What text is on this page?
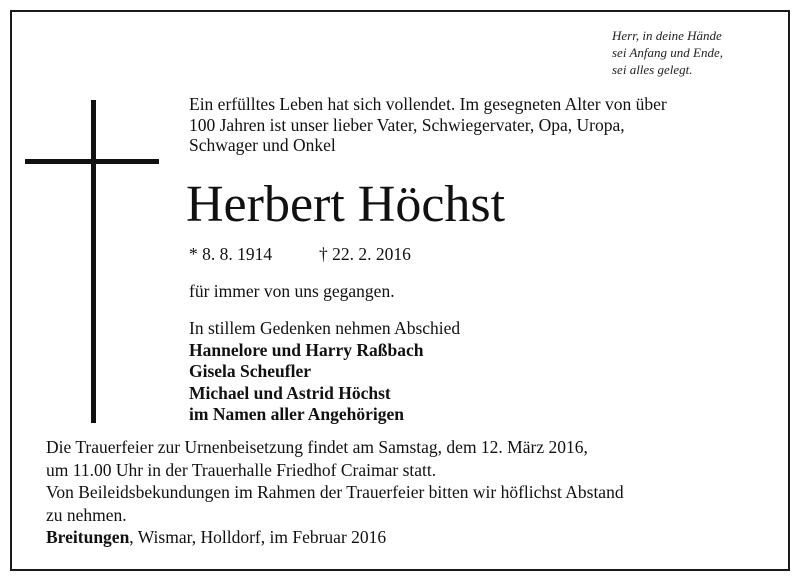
Herr, in deine Hände
sei Anfang und Ende,
sei alles gelegt.
Ein erfülltes Leben hat sich vollendet. Im gesegneten Alter von über
100 Jahren ist unser lieber Vater, Schwiegervater, Opa, Uropa,
Schwager und Onkel
Herbert Höchst
* 8. 8. 1914	† 22. 2. 2016
für immer von uns gegangen.
In stillem Gedenken nehmen Abschied
Hannelore und Harry Raßbach
Gisela Scheufler
Michael und Astrid Höchst
im Namen aller Angehörigen
Die Trauerfeier zur Urnenbeisetzung findet am Samstag, dem 12. März 2016,
um 11.00 Uhr in der Trauerhalle Friedhof Craimar statt.
Von Beileidsbekundungen im Rahmen der Trauerfeier bitten wir höflichst Abstand
zu nehmen.
Breitungen, Wismar, Holldorf, im Februar 2016
